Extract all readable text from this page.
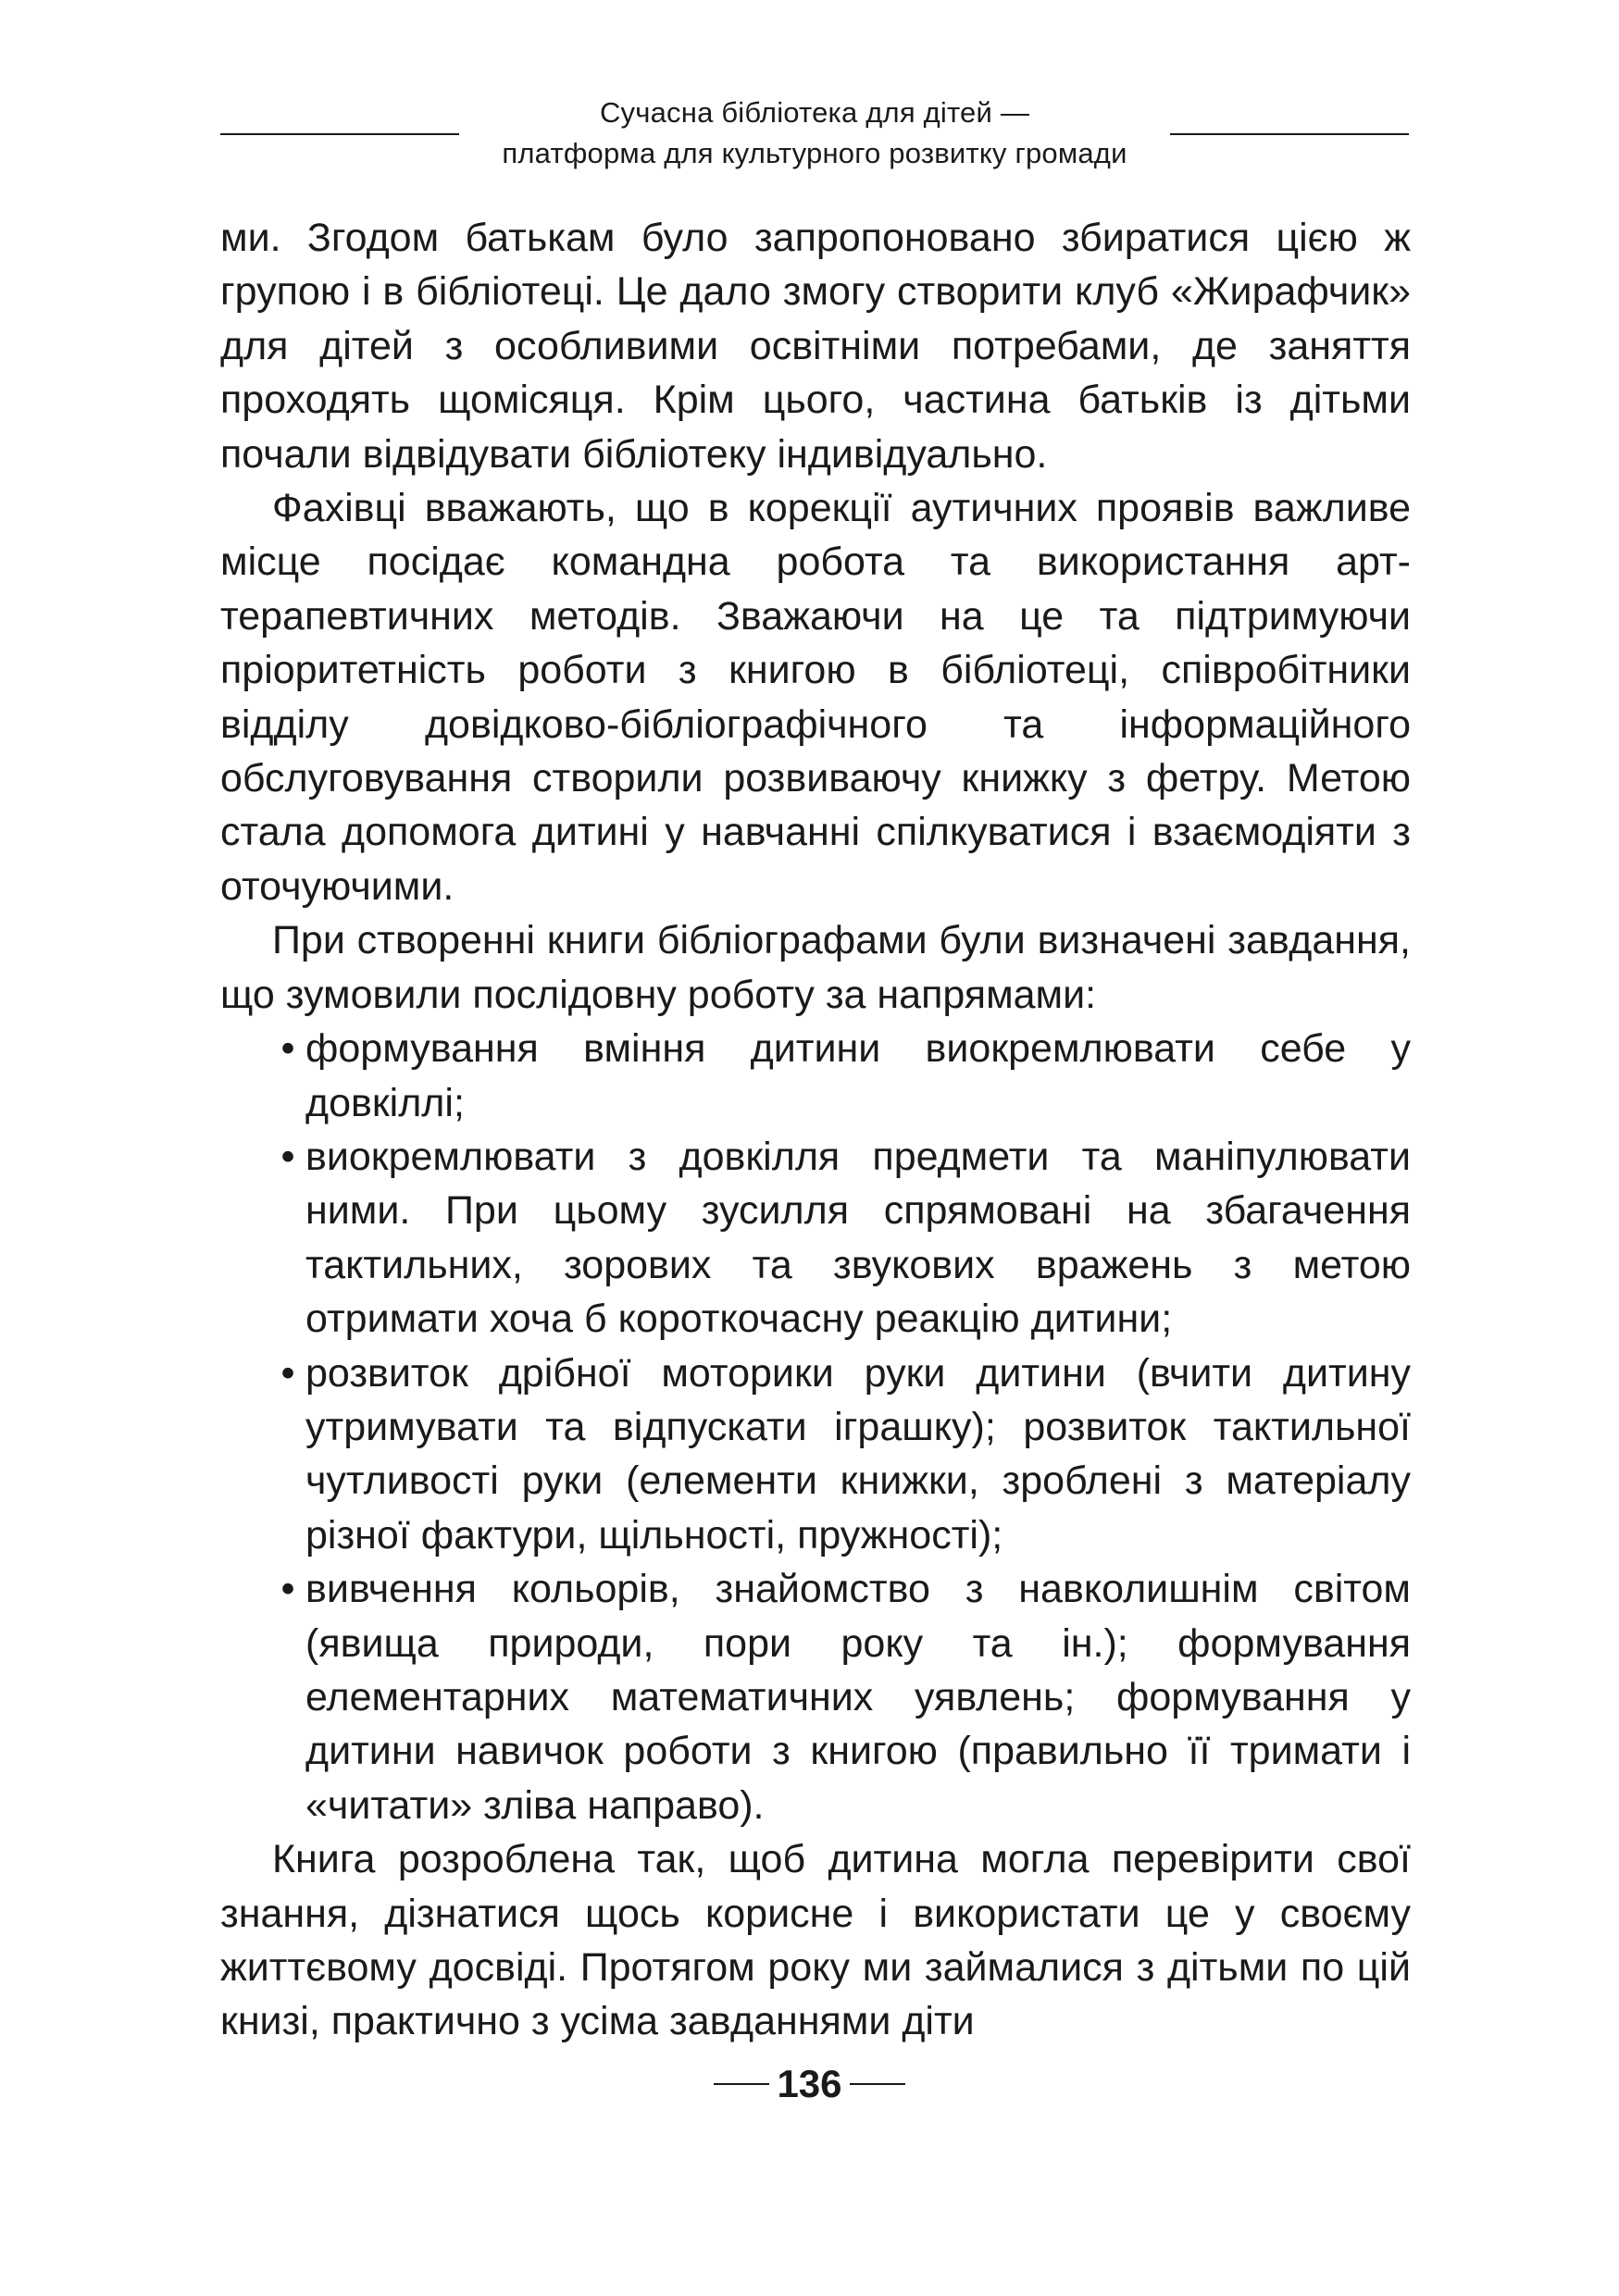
Сучасна бібліотека для дітей —
платформа для культурного розвитку громади

ми. Згодом батькам було запропоновано збиратися цією ж групою і в бібліотеці. Це дало змогу створити клуб «Жирафчик» для дітей з особливими освітніми потребами, де заняття проходять щомісяця. Крім цього, частина батьків із дітьми почали відвідувати бібліотеку індивідуально.

Фахівці вважають, що в корекції аутичних проявів важливе місце посідає командна робота та використання арт-терапевтичних методів. Зважаючи на це та підтримуючи пріоритетність роботи з книгою в бібліотеці, співробітники відділу довідково-бібліографічного та інформаційного обслуговування створили розвиваючу книжку з фетру. Метою стала допомога дитині у навчанні спілкуватися і взаємодіяти з оточуючими.

При створенні книги бібліографами були визначені завдання, що зумовили послідовну роботу за напрямами:

• формування вміння дитини виокремлювати себе у довкіллі;
• виокремлювати з довкілля предмети та маніпулювати ними. При цьому зусилля спрямовані на збагачення тактильних, зорових та звукових вражень з метою отримати хоча б короткочасну реакцію дитини;
• розвиток дрібної моторики руки дитини (вчити дитину утримувати та відпускати іграшку); розвиток тактильної чутливості руки (елементи книжки, зроблені з матеріалу різної фактури, щільності, пружності);
• вивчення кольорів, знайомство з навколишнім світом (явища природи, пори року та ін.); формування елементарних математичних уявлень; формування у дитини навичок роботи з книгою (правильно її тримати і «читати» зліва направо).

Книга розроблена так, щоб дитина могла перевірити свої знання, дізнатися щось корисне і використати це у своєму життєвому досвіді. Протягом року ми займалися з дітьми по цій книзі, практично з усіма завданнями діти

136
